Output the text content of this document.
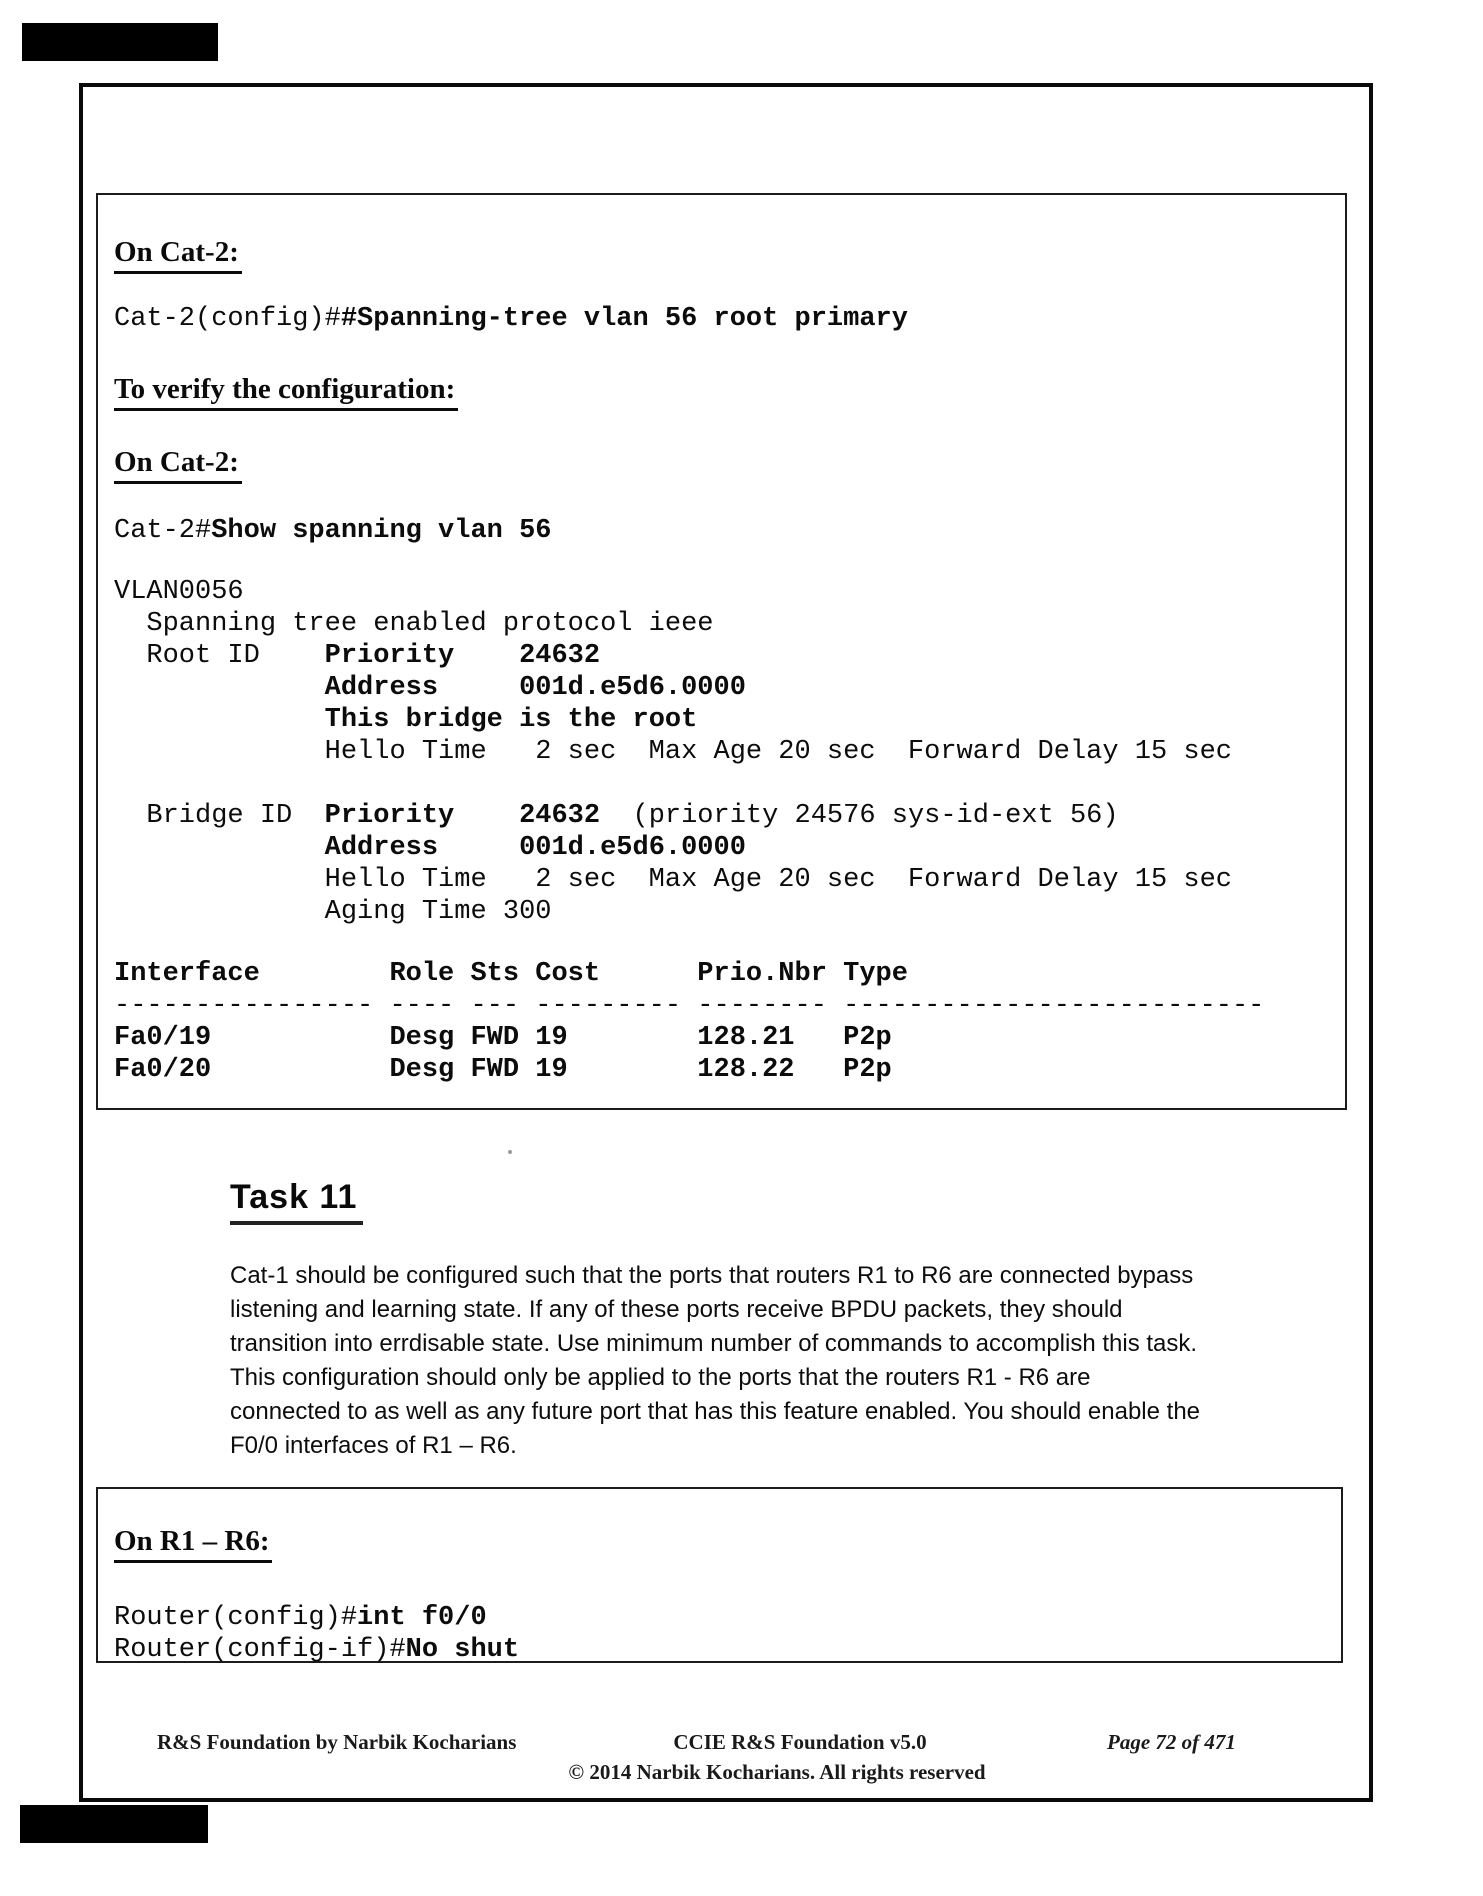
On Cat-2:
Cat-2(config)##Spanning-tree vlan 56 root primary
To verify the configuration:
On Cat-2:
Cat-2#Show spanning vlan 56
VLAN0056
Spanning tree enabled protocol ieee
Root ID    Priority    24632
Address     001d.e5d6.0000
This bridge is the root
Hello Time   2 sec  Max Age 20 sec  Forward Delay 15 sec

Bridge ID  Priority    24632  (priority 24576 sys-id-ext 56)
Address     001d.e5d6.0000
Hello Time   2 sec  Max Age 20 sec  Forward Delay 15 sec
Aging Time 300
Interface        Role Sts Cost      Prio.Nbr Type
---------------- ---- --- --------- -------- --------------------------
Fa0/19           Desg FWD 19        128.21   P2p
Fa0/20           Desg FWD 19        128.22   P2p
Task 11
Cat-1 should be configured such that the ports that routers R1 to R6 are connected bypass
listening and learning state. If any of these ports receive BPDU packets, they should
transition into errdisable state. Use minimum number of commands to accomplish this task.
This configuration should only be applied to the ports that the routers R1 - R6 are
connected to as well as any future port that has this feature enabled. You should enable the
F0/0 interfaces of R1 – R6.
On R1 – R6:
Router(config)#int f0/0
Router(config-if)#No shut
R&S Foundation by Narbik Kocharians	CCIE R&S Foundation v5.0	Page 72 of 471
© 2014 Narbik Kocharians. All rights reserved
